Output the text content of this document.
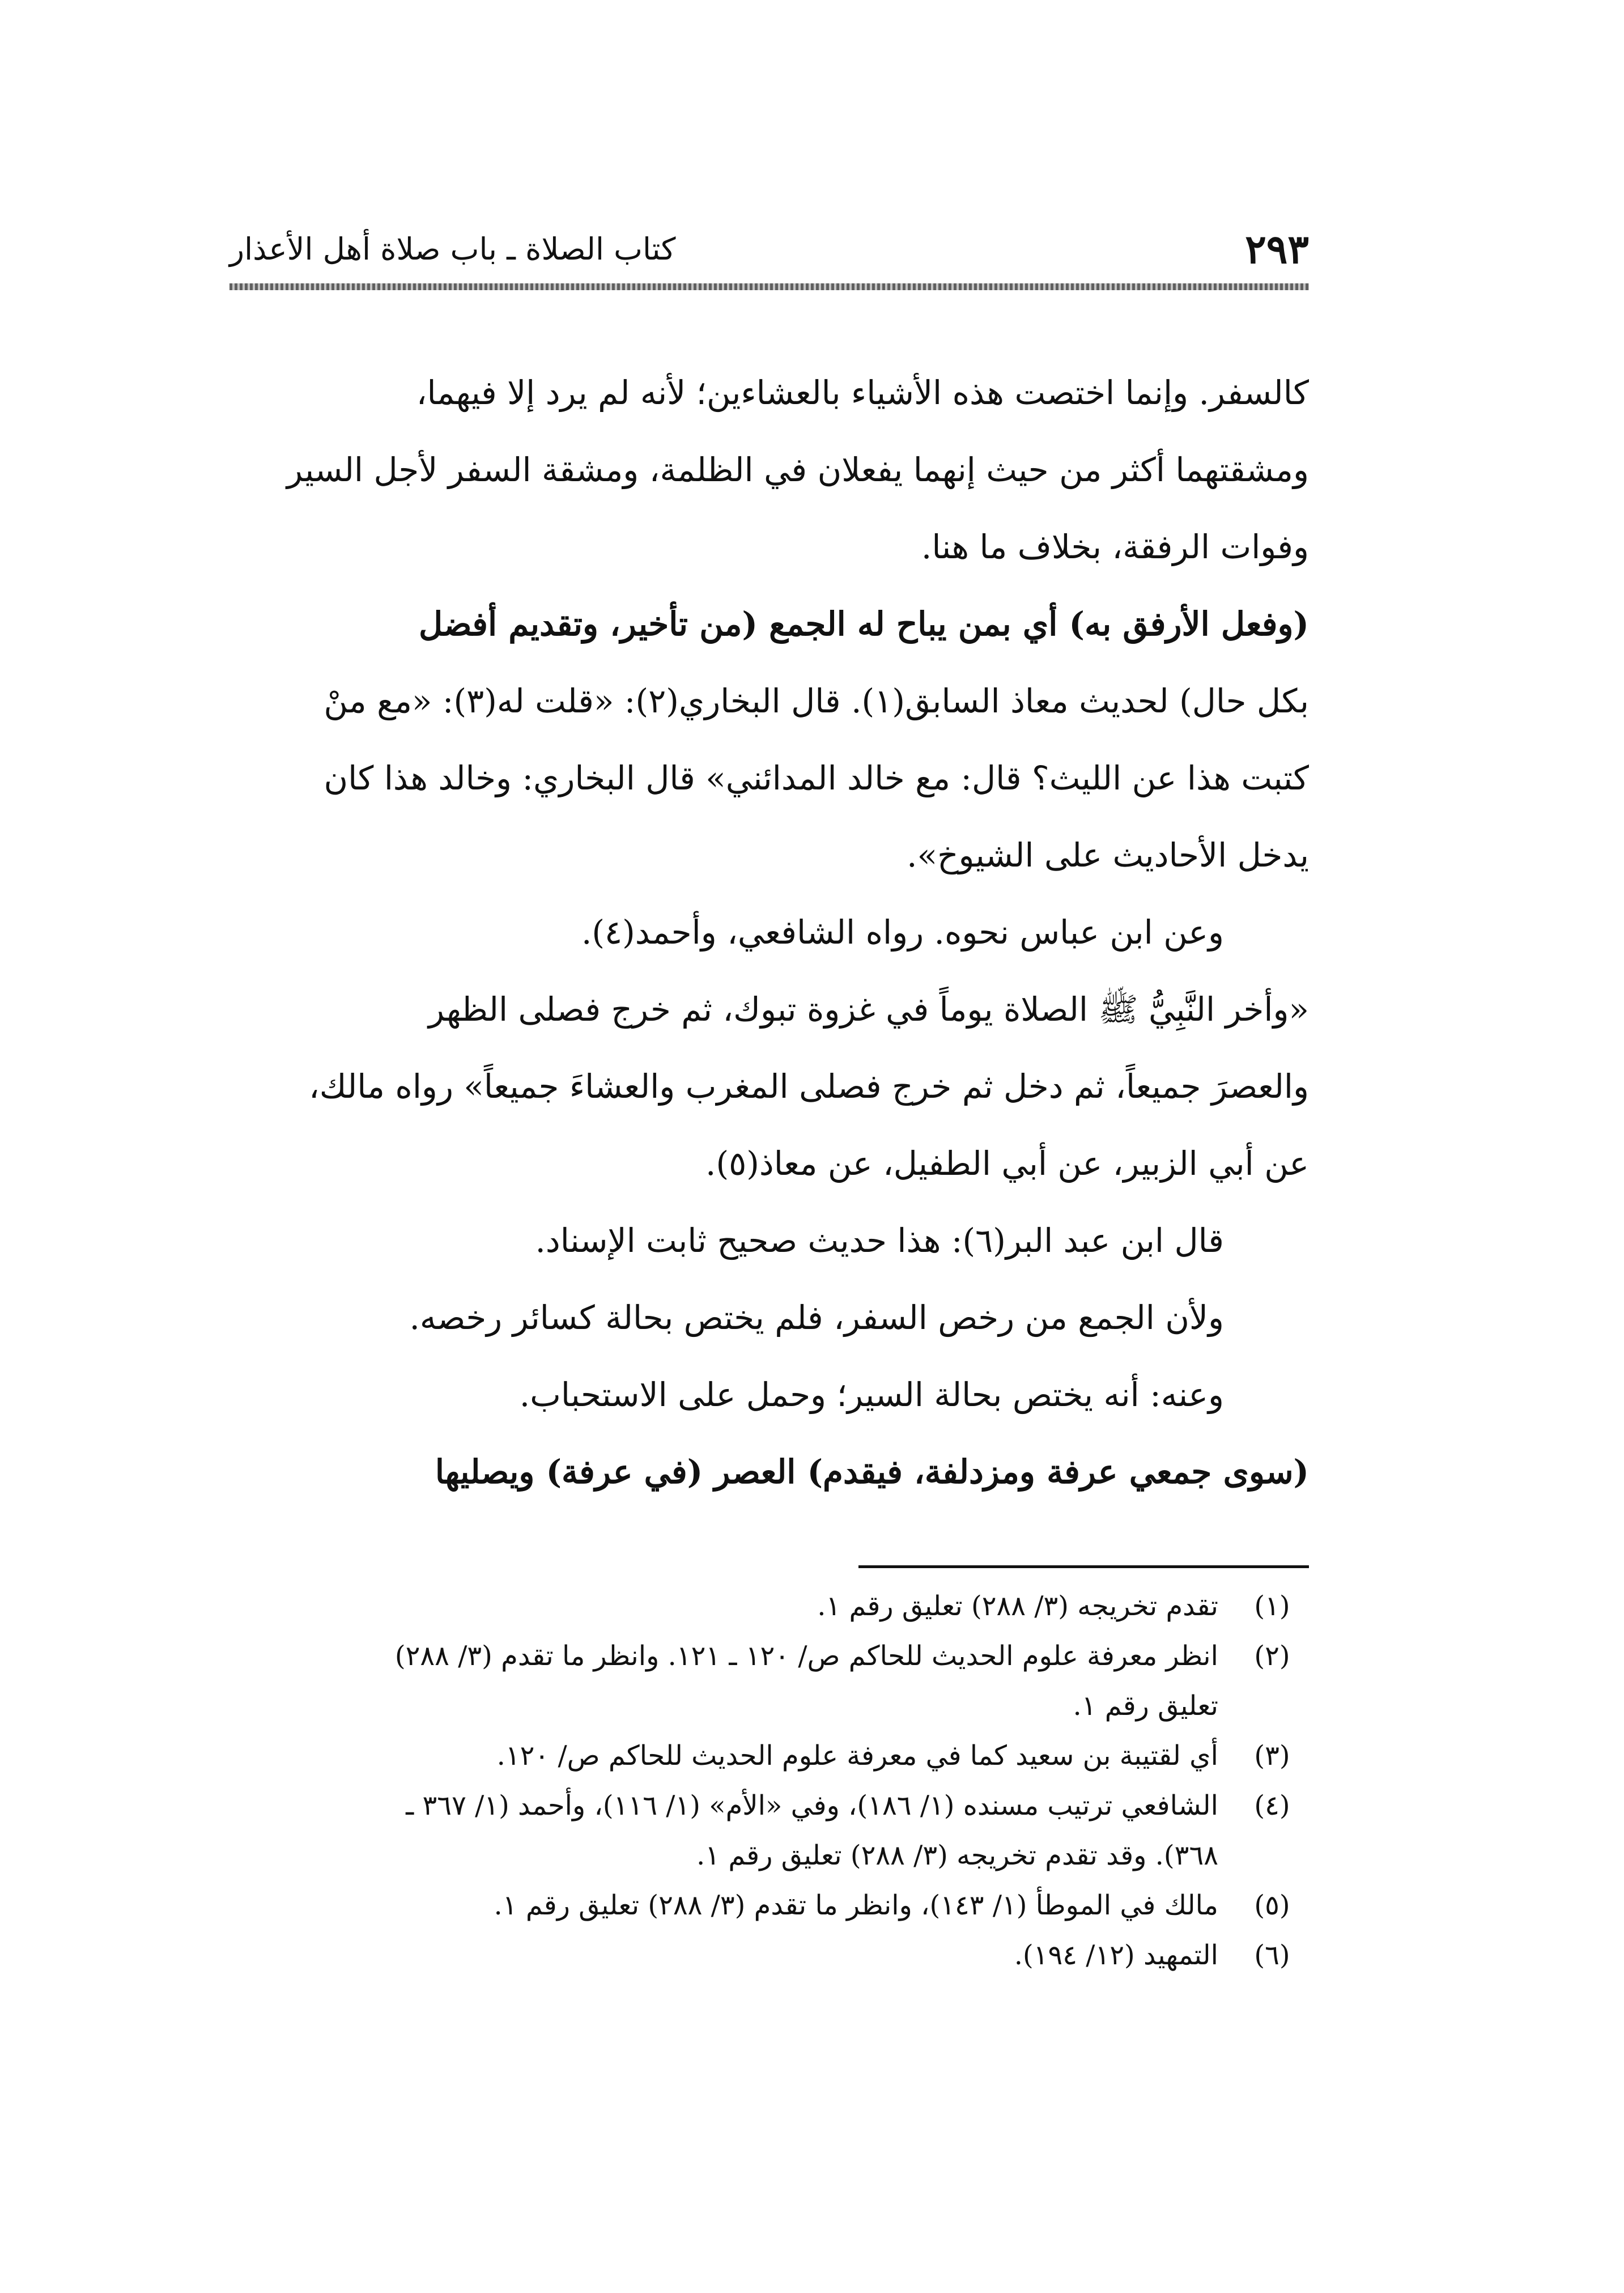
كتاب الصلاة ـ باب صلاة أهل الأعذار	٢٩٣
كالسفر. وإنما اختصت هذه الأشياء بالعشاءين؛ لأنه لم يرد إلا فيهما،
ومشقتهما أكثر من حيث إنهما يفعلان في الظلمة، ومشقة السفر لأجل السير
وفوات الرفقة، بخلاف ما هنا.
(وفعل الأرفق به) أي بمن يباح له الجمع (من تأخير، وتقديم أفضل
بكل حال) لحديث معاذ السابق(١). قال البخاري(٢): «قلت له(٣): «مع منْ
كتبت هذا عن الليث؟ قال: مع خالد المدائني» قال البخاري: وخالد هذا كان
يدخل الأحاديث على الشيوخ».
وعن ابن عباس نحوه. رواه الشافعي، وأحمد(٤).
«وأخر النَّبِيُّ ﷺ الصلاة يوماً في غزوة تبوك، ثم خرج فصلى الظهر
والعصرَ جميعاً، ثم دخل ثم خرج فصلى المغرب والعشاءَ جميعاً» رواه مالك،
عن أبي الزبير، عن أبي الطفيل، عن معاذ(٥).
قال ابن عبد البر(٦): هذا حديث صحيح ثابت الإسناد.
ولأن الجمع من رخص السفر، فلم يختص بحالة كسائر رخصه.
وعنه: أنه يختص بحالة السير؛ وحمل على الاستحباب.
(سوى جمعي عرفة ومزدلفة، فيقدم) العصر (في عرفة) ويصليها
(١)
تقدم تخريجه (٣/ ٢٨٨) تعليق رقم ١.
(٢)
انظر معرفة علوم الحديث للحاكم ص/ ١٢٠ ـ ١٢١. وانظر ما تقدم (٣/ ٢٨٨)
تعليق رقم ١.
(٣)
أي لقتيبة بن سعيد كما في معرفة علوم الحديث للحاكم ص/ ١٢٠.
(٤)
الشافعي ترتيب مسنده (١/ ١٨٦)، وفي «الأم» (١/ ١١٦)، وأحمد (١/ ٣٦٧ ـ
٣٦٨). وقد تقدم تخريجه (٣/ ٢٨٨) تعليق رقم ١.
(٥)
مالك في الموطأ (١/ ١٤٣)، وانظر ما تقدم (٣/ ٢٨٨) تعليق رقم ١.
(٦)
التمهيد (١٢/ ١٩٤).
